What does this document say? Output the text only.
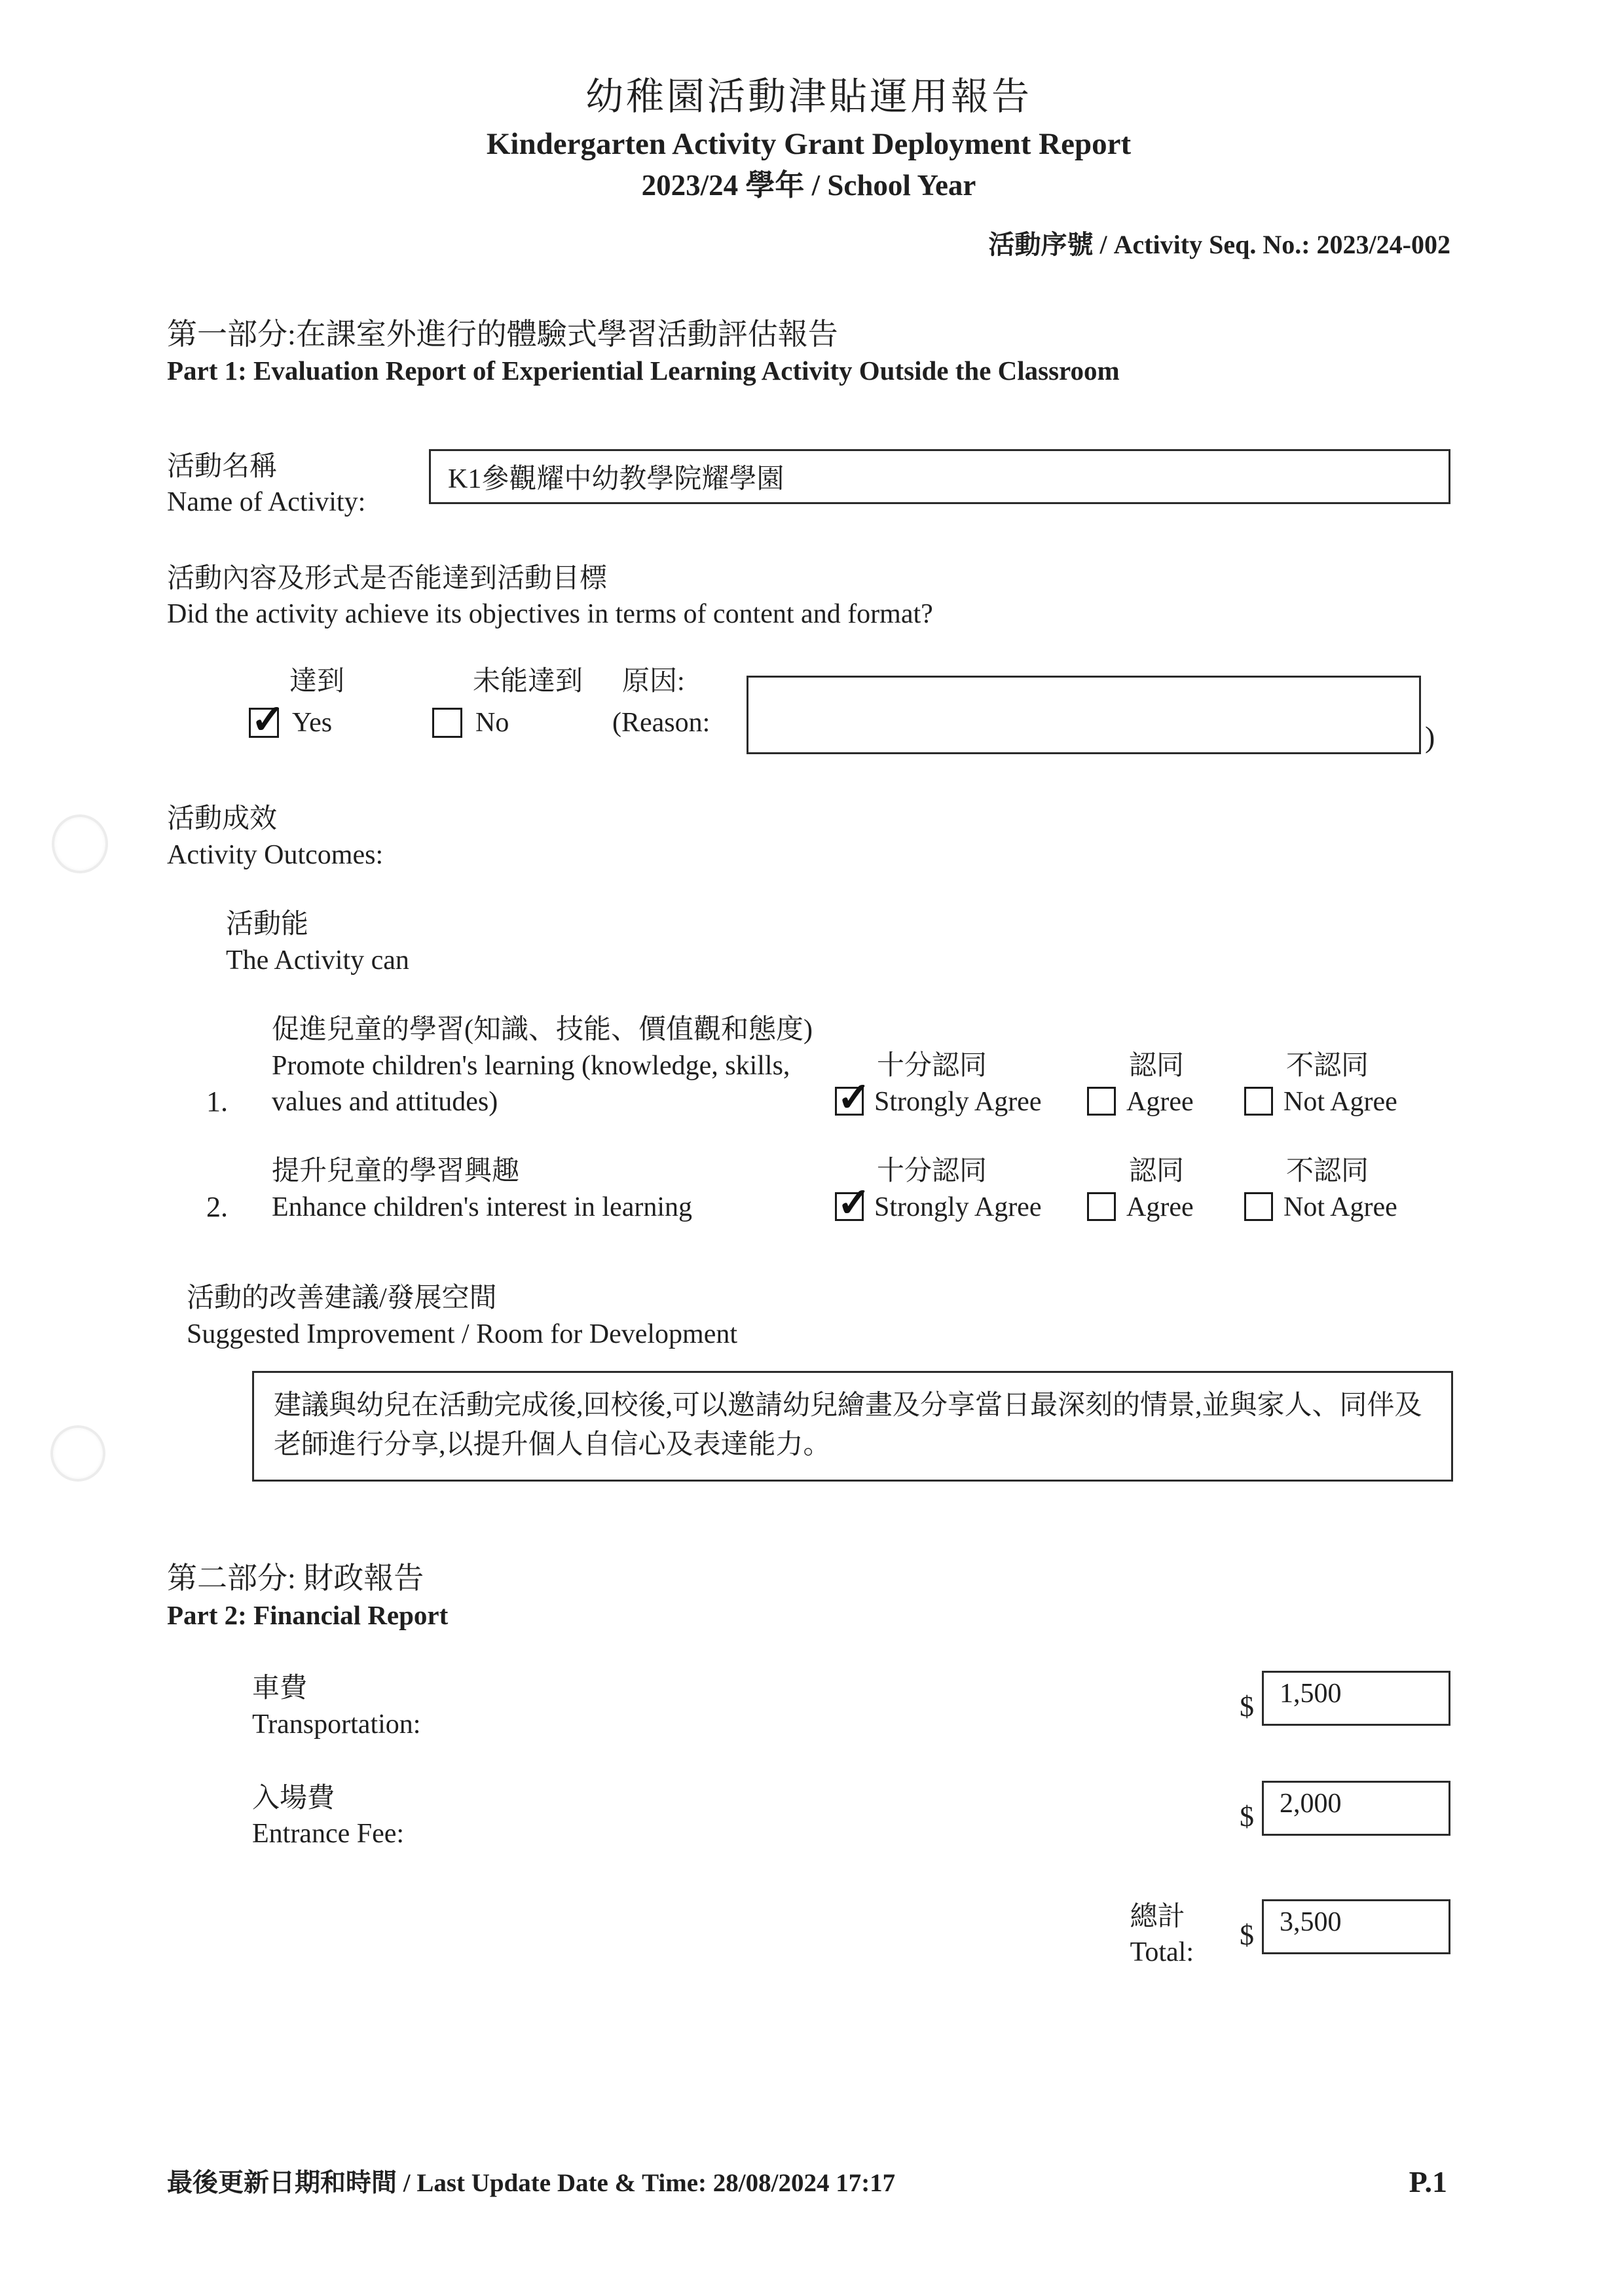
幼稚園活動津貼運用報告
Kindergarten Activity Grant Deployment Report
2023/24 學年 / School Year
活動序號 / Activity Seq. No.: 2023/24-002
第一部分:在課室外進行的體驗式學習活動評估報告
Part 1: Evaluation Report of Experiential Learning Activity Outside the Classroom
活動名稱
Name of Activity:
K1參觀耀中幼教學院耀學園
活動內容及形式是否能達到活動目標
Did the activity achieve its objectives in terms of content and format?
達到
✓
Yes
未能達到
No
原因:
(Reason:	)
活動成效
Activity Outcomes:
活動能
The Activity can
1.
促進兒童的學習(知識、技能、價值觀和態度)
Promote children's learning (knowledge, skills,
values and attitudes)
✓
十分認同
Strongly Agree
認同
Agree
不認同
Not Agree
2.
提升兒童的學習興趣
Enhance children's interest in learning
✓
十分認同
Strongly Agree
認同
Agree
不認同
Not Agree
活動的改善建議/發展空間
Suggested Improvement / Room for Development
建議與幼兒在活動完成後,回校後,可以邀請幼兒繪畫及分享當日最深刻的情景,並與家人、同伴及老師進行分享,以提升個人自信心及表達能力。
第二部分: 財政報告
Part 2: Financial Report
車費
Transportation:
$ 1,500
入場費
Entrance Fee:
$ 2,000
總計
Total:
$ 3,500
最後更新日期和時間 / Last Update Date & Time: 28/08/2024 17:17	P.1
